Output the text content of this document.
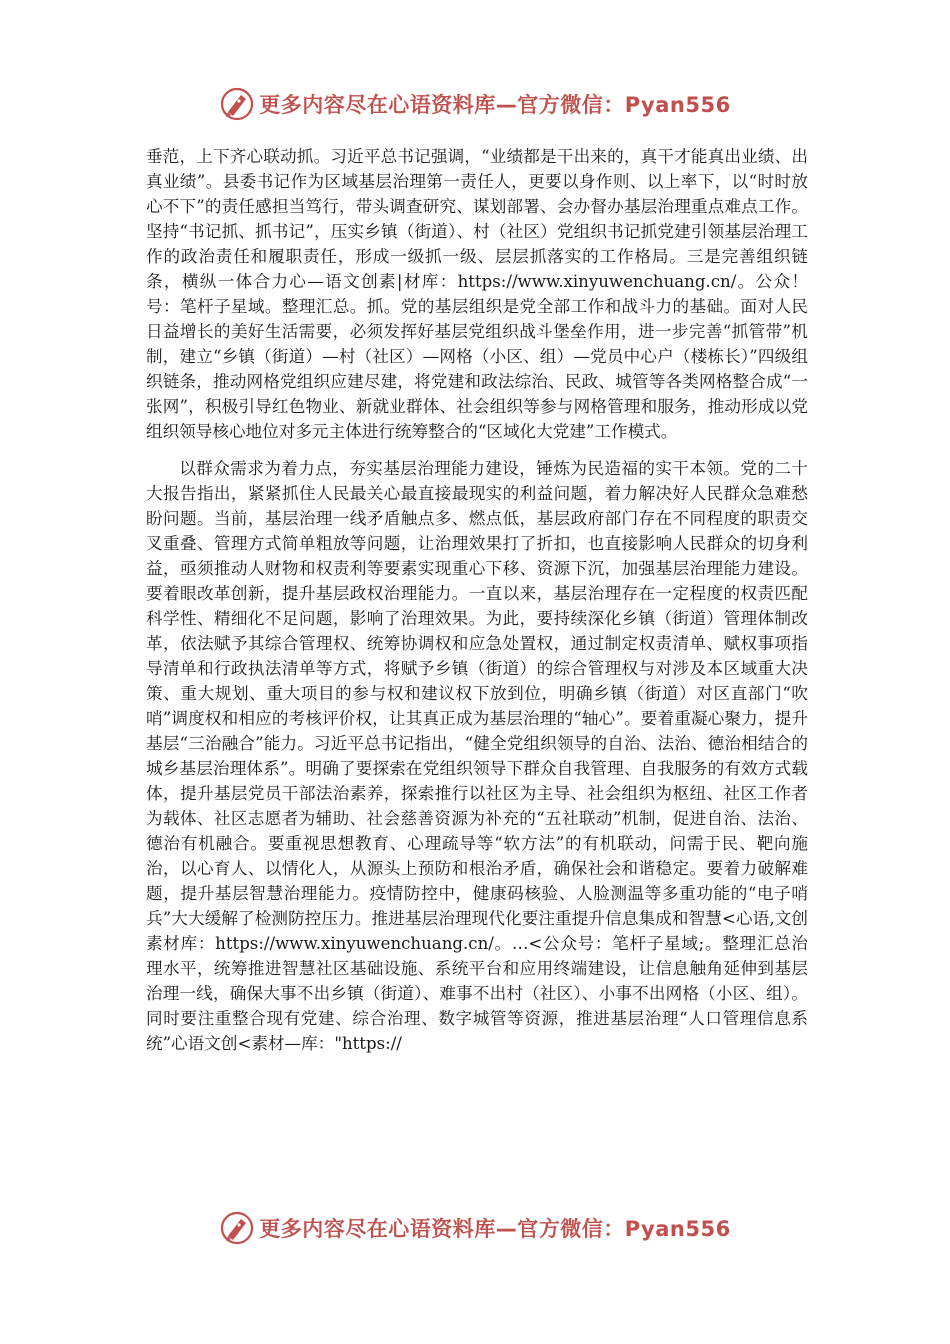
更多内容尽在心语资料库—官方微信：Pyan556

垂范，上下齐心联动抓。习近平总书记强调，“业绩都是干出来的，真干才能真出业绩、出真业绩”。县委书记作为区域基层治理第一责任人，更要以身作则、以上率下，以“时时放心不下”的责任感担当笃行，带头调查研究、谋划部署、会办督办基层治理重点难点工作。坚持“书记抓、抓书记”，压实乡镇（街道）、村（社区）党组织书记抓党建引领基层治理工作的政治责任和履职责任，形成一级抓一级、层层抓落实的工作格局。三是完善组织链条，横纵一体合力心—语文创素|材库：https://www.xinyuwenchuang.cn/。公众！号：笔杆子星域。整理汇总。抓。党的基层组织是党全部工作和战斗力的基础。面对人民日益增长的美好生活需要，必须发挥好基层党组织战斗堡垒作用，进一步完善“抓管带”机制，建立“乡镇（街道）—村（社区）—网格（小区、组）—党员中心户（楼栋长）”四级组织链条，推动网格党组织应建尽建，将党建和政法综治、民政、城管等各类网格整合成“一张网”，积极引导红色物业、新就业群体、社会组织等参与网格管理和服务，推动形成以党组织领导核心地位对多元主体进行统筹整合的“区域化大党建”工作模式。

以群众需求为着力点，夯实基层治理能力建设，锤炼为民造福的实干本领。党的二十大报告指出，紧紧抓住人民最关心最直接最现实的利益问题，着力解决好人民群众急难愁盼问题。当前，基层治理一线矛盾触点多、燃点低，基层政府部门存在不同程度的职责交叉重叠、管理方式简单粗放等问题，让治理效果打了折扣，也直接影响人民群众的切身利益，亟须推动人财物和权责利等要素实现重心下移、资源下沉，加强基层治理能力建设。要着眼改革创新，提升基层政权治理能力。一直以来，基层治理存在一定程度的权责匹配科学性、精细化不足问题，影响了治理效果。为此，要持续深化乡镇（街道）管理体制改革，依法赋予其综合管理权、统筹协调权和应急处置权，通过制定权责清单、赋权事项指导清单和行政执法清单等方式，将赋予乡镇（街道）的综合管理权与对涉及本区域重大决策、重大规划、重大项目的参与权和建议权下放到位，明确乡镇（街道）对区直部门“吹哨”调度权和相应的考核评价权，让其真正成为基层治理的“轴心”。要着重凝心聚力，提升基层“三治融合”能力。习近平总书记指出，“健全党组织领导的自治、法治、德治相结合的城乡基层治理体系”。明确了要探索在党组织领导下群众自我管理、自我服务的有效方式载体，提升基层党员干部法治素养，探索推行以社区为主导、社会组织为枢纽、社区工作者为载体、社区志愿者为辅助、社会慈善资源为补充的“五社联动”机制，促进自治、法治、德治有机融合。要重视思想教育、心理疏导等“软方法”的有机联动，问需于民、靶向施治，以心育人、以情化人，从源头上预防和根治矛盾，确保社会和谐稳定。要着力破解难题，提升基层智慧治理能力。疫情防控中，健康码核验、人脸测温等多重功能的“电子哨兵”大大缓解了检测防控压力。推进基层治理现代化要注重提升信息集成和智慧<心语,文创素材库：https://www.xinyuwenchuang.cn/。…<公众号：笔杆子星域;。整理汇总治理水平，统筹推进智慧社区基础设施、系统平台和应用终端建设，让信息触角延伸到基层治理一线，确保大事不出乡镇（街道）、难事不出村（社区）、小事不出网格（小区、组）。同时要注重整合现有党建、综合治理、数字城管等资源，推进基层治理“人口管理信息系统”心语文创<素材—库："https://

更多内容尽在心语资料库—官方微信：Pyan556
